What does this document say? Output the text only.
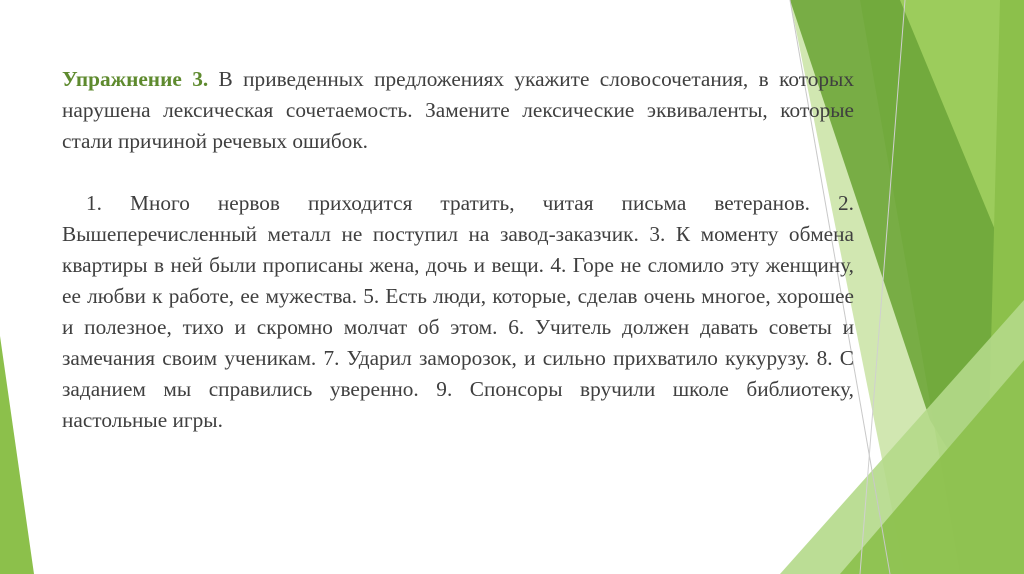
Упражнение 3. В приведенных предложениях укажите словосочетания, в которых нарушена лексическая сочетаемость. Замените лексические эквиваленты, которые стали причиной речевых ошибок.

1. Много нервов приходится тратить, читая письма ветеранов. 2. Вышеперечисленный металл не поступил на завод-заказчик. 3. К моменту обмена квартиры в ней были прописаны жена, дочь и вещи. 4. Горе не сломило эту женщину, ее любви к работе, ее мужества. 5. Есть люди, которые, сделав очень многое, хорошее и полезное, тихо и скромно молчат об этом. 6. Учитель должен давать советы и замечания своим ученикам. 7. Ударил заморозок, и сильно прихватило кукурузу. 8. С заданием мы справились уверенно. 9. Спонсоры вручили школе библиотеку, настольные игры.
